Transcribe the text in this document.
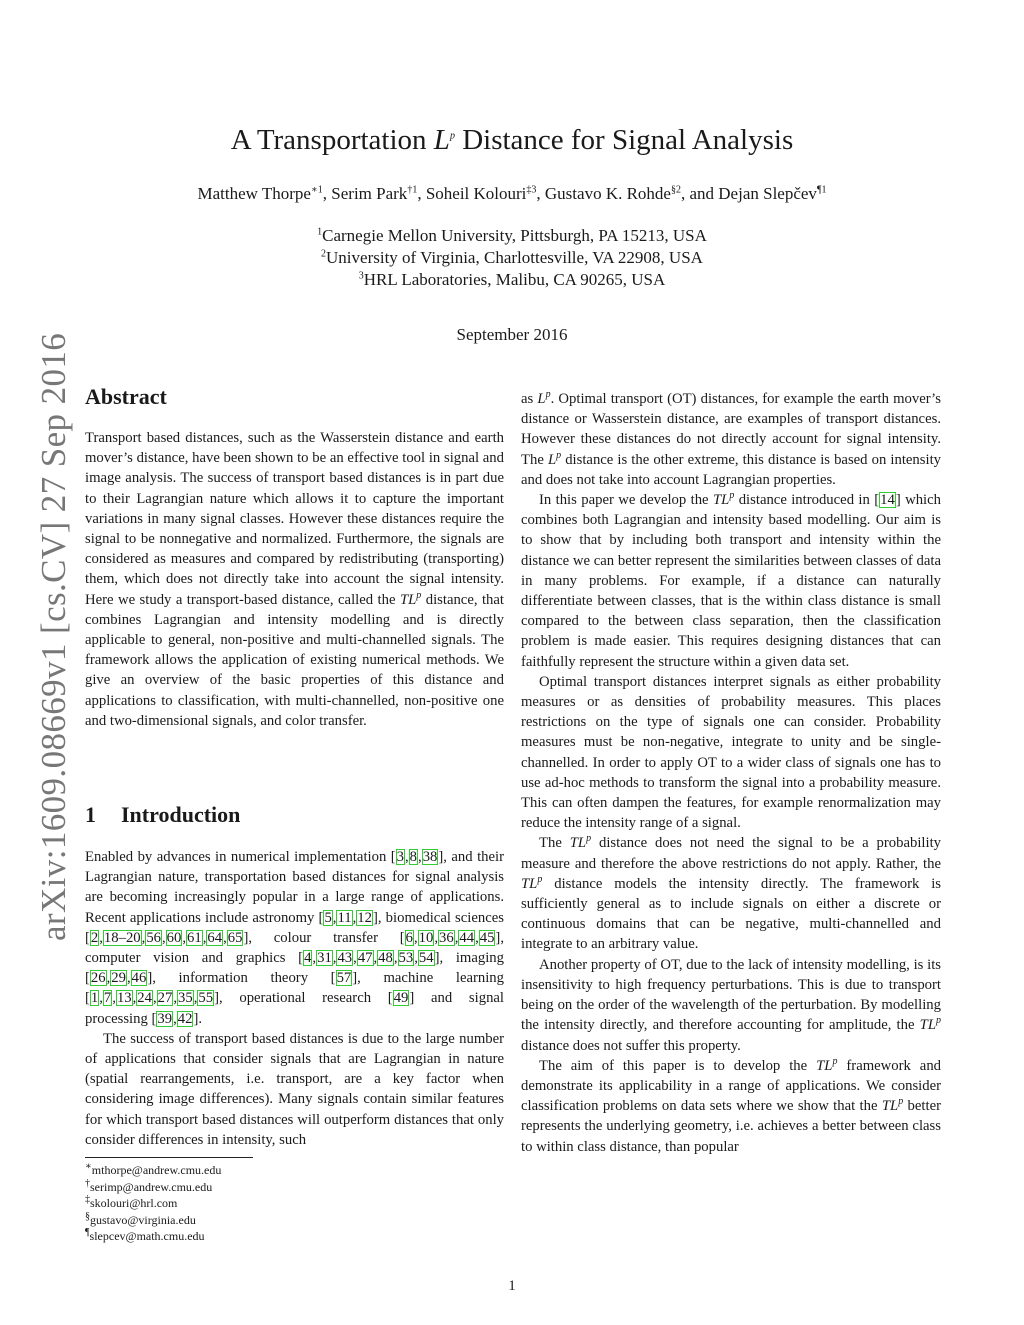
arXiv:1609.08669v1 [cs.CV] 27 Sep 2016
A Transportation $L^p$ Distance for Signal Analysis
Matthew Thorpe$^{∗1}$, Serim Park$^{\dagger 1}$, Soheil Kolouri$^{\ddagger 3}$, Gustavo K. Rohde$^{\S 2}$, and Dejan Slepčev$^{\P 1}$
$^1$Carnegie Mellon University, Pittsburgh, PA 15213, USA
$^2$University of Virginia, Charlottesville, VA 22908, USA
$^3$HRL Laboratories, Malibu, CA 90265, USA
September 2016
Abstract

Transport based distances, such as the Wasserstein distance and earth mover’s distance, have been shown to be an effective tool in signal and image analysis. The success of transport based distances is in part due to their Lagrangian nature which allows it to capture the important variations in many signal classes. However these distances require the signal to be nonnegative and normalized. Furthermore, the signals are considered as measures and compared by redistributing (transporting) them, which does not directly take into account the signal intensity. Here we study a transport-based distance, called the $TL^p$ distance, that combines Lagrangian and intensity modelling and is directly applicable to general, non-positive and multi-channelled signals. The framework allows the application of existing numerical methods. We give an overview of the basic properties of this distance and applications to classification, with multi-channelled, non-positive one and two-dimensional signals, and color transfer.

1 Introduction

Enabled by advances in numerical implementation [3,8,38], and their Lagrangian nature, transportation based distances for signal analysis are becoming increasingly popular in a large range of applications. Recent applications include astronomy [5,11,12], biomedical sciences [2,18–20,56,60,61,64,65], colour transfer [6,10,36,44,45], computer vision and graphics [4,31,43,47,48,53,54], imaging [26,29,46], information theory [57], machine learning [1,7,13,24,27,35,55], operational research [49] and signal processing [39,42].

The success of transport based distances is due to the large number of applications that consider signals that are Lagrangian in nature (spatial rearrangements, i.e. transport, are a key factor when considering image differences). Many signals contain similar features for which transport based distances will outperform distances that only consider differences in intensity, such

∗mthorpe@andrew.cmu.edu
†serimp@andrew.cmu.edu
‡skolouri@hrl.com
§gustavo@virginia.edu
¶slepcev@math.cmu.edu

as $L^p$. Optimal transport (OT) distances, for example the earth mover’s distance or Wasserstein distance, are examples of transport distances. However these distances do not directly account for signal intensity. The $L^p$ distance is the other extreme, this distance is based on intensity and does not take into account Lagrangian properties.

In this paper we develop the $TL^p$ distance introduced in [14] which combines both Lagrangian and intensity based modelling. Our aim is to show that by including both transport and intensity within the distance we can better represent the similarities between classes of data in many problems. For example, if a distance can naturally differentiate between classes, that is the within class distance is small compared to the between class separation, then the classification problem is made easier. This requires designing distances that can faithfully represent the structure within a given data set.

Optimal transport distances interpret signals as either probability measures or as densities of probability measures. This places restrictions on the type of signals one can consider. Probability measures must be non-negative, integrate to unity and be single-channelled. In order to apply OT to a wider class of signals one has to use ad-hoc methods to transform the signal into a probability measure. This can often dampen the features, for example renormalization may reduce the intensity range of a signal.

The $TL^p$ distance does not need the signal to be a probability measure and therefore the above restrictions do not apply. Rather, the $TL^p$ distance models the intensity directly. The framework is sufficiently general as to include signals on either a discrete or continuous domains that can be negative, multi-channelled and integrate to an arbitrary value.

Another property of OT, due to the lack of intensity modelling, is its insensitivity to high frequency perturbations. This is due to transport being on the order of the wavelength of the perturbation. By modelling the intensity directly, and therefore accounting for amplitude, the $TL^p$ distance does not suffer this property.

The aim of this paper is to develop the $TL^p$ framework and demonstrate its applicability in a range of applications. We consider classification problems on data sets where we show that the $TL^p$ better represents the underlying geometry, i.e. achieves a better between class to within class distance, than popular

1
